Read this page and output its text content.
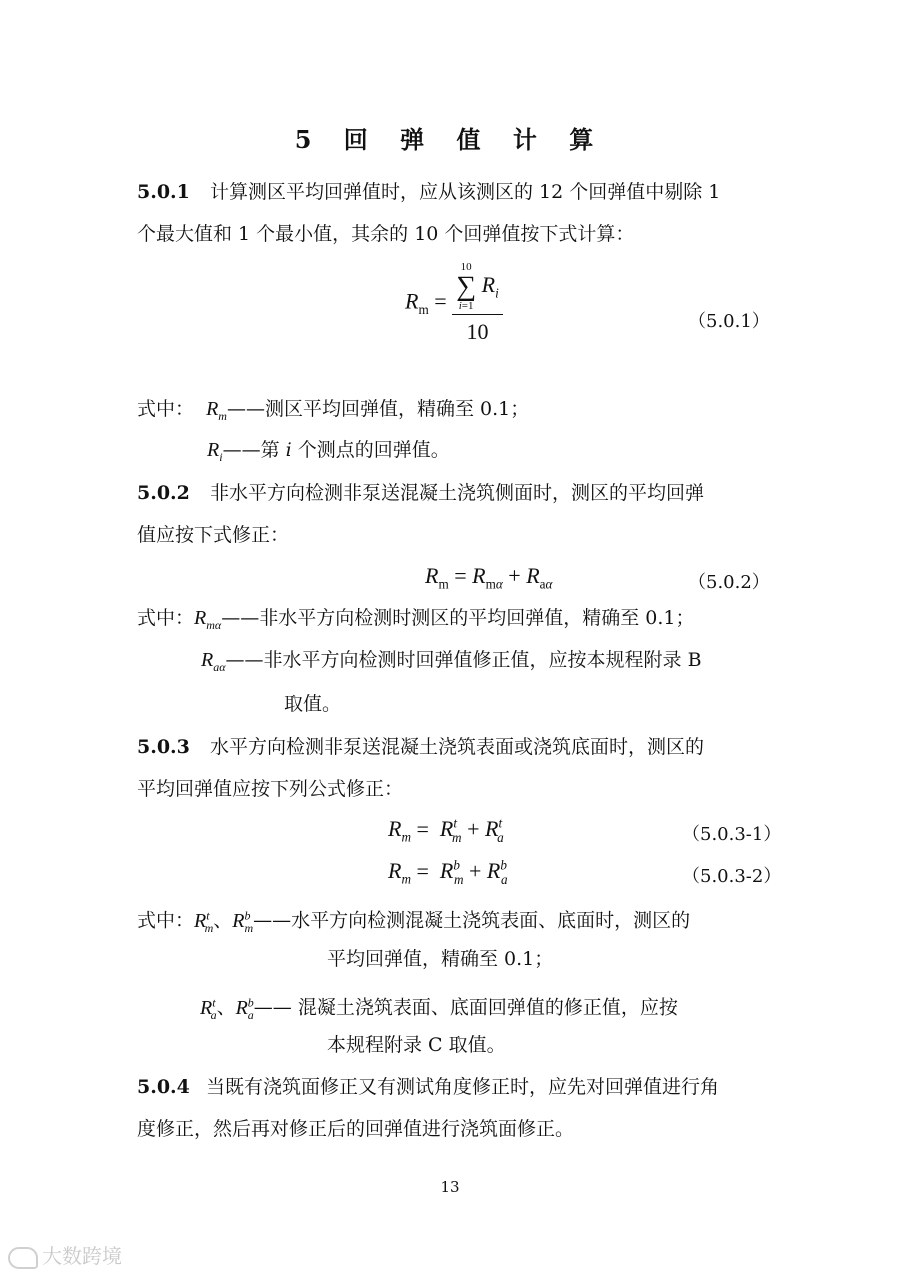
5 回 弹 值 计 算
5.0.1 计算测区平均回弹值时，应从该测区的 12 个回弹值中剔除 1
个最大值和 1 个最小值，其余的 10 个回弹值按下式计算：
$R_m = 10$
∑
i=1
$R_i$
10	（5.0.1）
式中： $R_m——$测区平均回弹值，精确至 0.1；
$R_i——$第 i 个测点的回弹值。
5.0.2 非水平方向检测非泵送混凝土浇筑侧面时，测区的平均回弹
值应按下式修正：
$R_m = R_{m\alpha} + R_{a\alpha}$	（5.0.2）
式中：$R_{m\alpha}——$非水平方向检测时测区的平均回弹值，精确至 0.1；
$R_{a\alpha}——$非水平方向检测时回弹值修正值，应按本规程附录 B
取值。
5.0.3 水平方向检测非泵送混凝土浇筑表面或浇筑底面时，测区的
平均回弹值应按下列公式修正：
$R_m = R^t_m + R^t_a$	（5.0.3-1）
$R_m = R^b_m + R^b_a$	（5.0.3-2）
式中：$R^t_m$、$R^b_m——$水平方向检测混凝土浇筑表面、底面时，测区的
平均回弹值，精确至 0.1；
$R^t_a$、$R^b_a——$ 混凝土浇筑表面、底面回弹值的修正值，应按
本规程附录 C 取值。
5.0.4 当既有浇筑面修正又有测试角度修正时，应先对回弹值进行角
度修正，然后再对修正后的回弹值进行浇筑面修正。
13
大数跨境
